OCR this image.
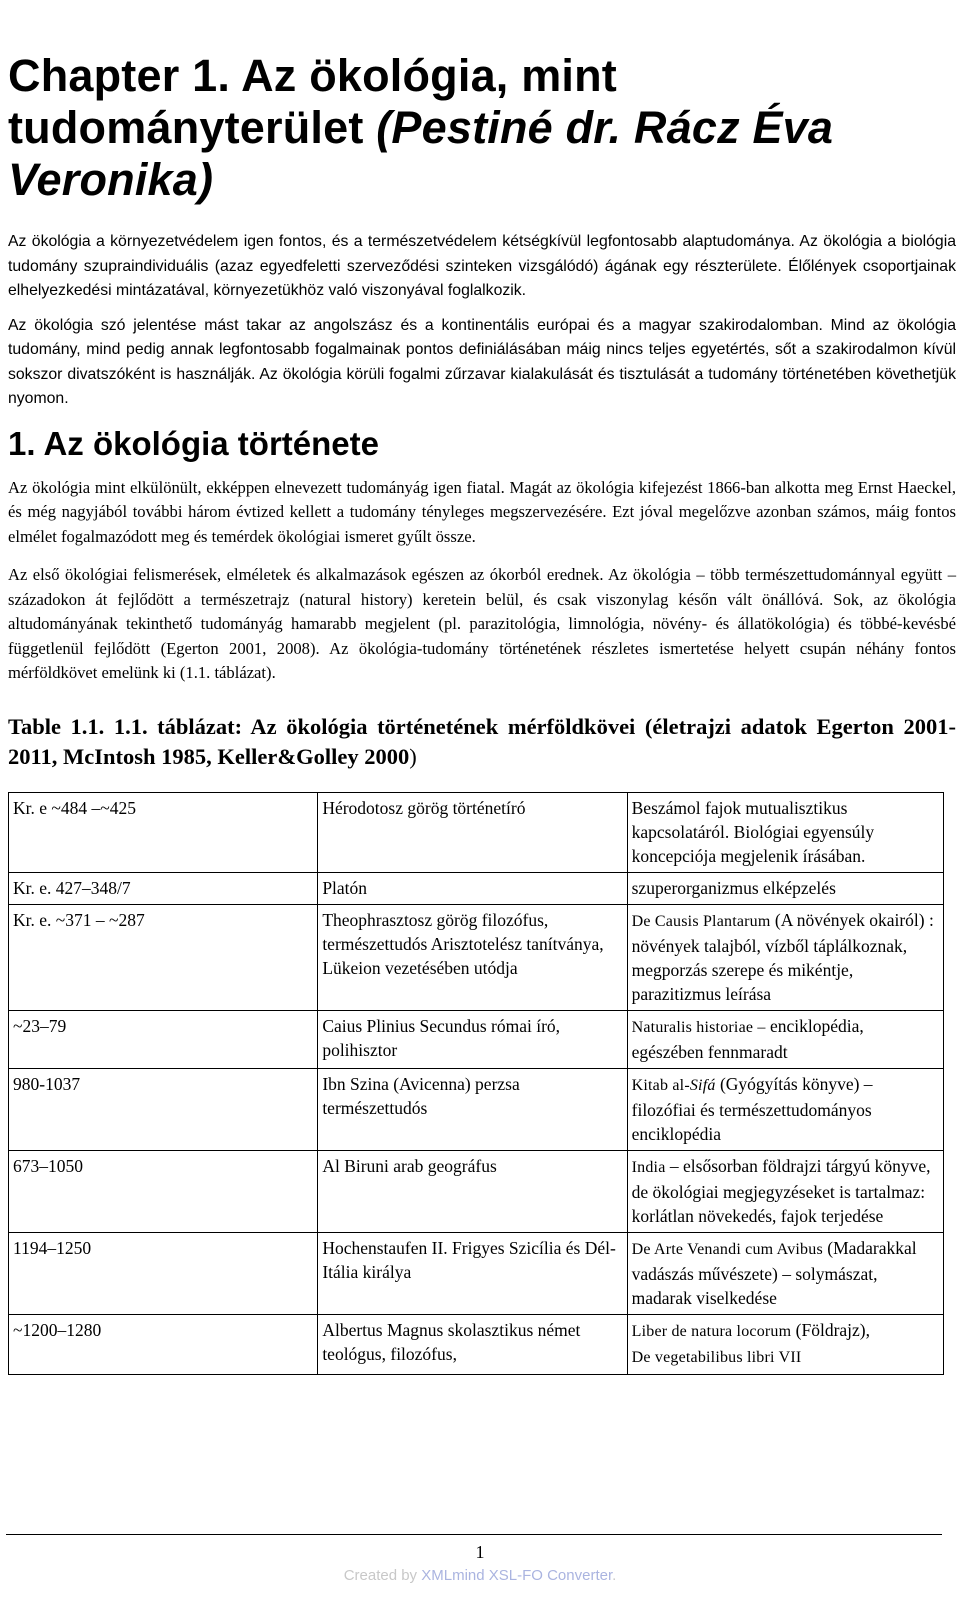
Chapter 1. Az ökológia, mint tudományterület (Pestiné dr. Rácz Éva Veronika)

Az ökológia a környezetvédelem igen fontos, és a természetvédelem kétségkívül legfontosabb alaptudománya. Az ökológia a biológia tudomány szupraindividuális (azaz egyedfeletti szerveződési szinteken vizsgálódó) ágának egy részterülete. Élőlények csoportjainak elhelyezkedési mintázatával, környezetükhöz való viszonyával foglalkozik.

Az ökológia szó jelentése mást takar az angolszász és a kontinentális európai és a magyar szakirodalomban. Mind az ökológia tudomány, mind pedig annak legfontosabb fogalmainak pontos definiálásában máig nincs teljes egyetértés, sőt a szakirodalmon kívül sokszor divatszóként is használják. Az ökológia körüli fogalmi zűrzavar kialakulását és tisztulását a tudomány történetében követhetjük nyomon.

1. Az ökológia története

Az ökológia mint elkülönült, ekképpen elnevezett tudományág igen fiatal. Magát az ökológia kifejezést 1866-ban alkotta meg Ernst Haeckel, és még nagyjából további három évtized kellett a tudomány tényleges megszervezésére. Ezt jóval megelőzve azonban számos, máig fontos elmélet fogalmazódott meg és temérdek ökológiai ismeret gyűlt össze.

Az első ökológiai felismerések, elméletek és alkalmazások egészen az ókorból erednek. Az ökológia – több természettudománnyal együtt – századokon át fejlődött a természetrajz (natural history) keretein belül, és csak viszonylag későn vált önállóvá. Sok, az ökológia altudományának tekinthető tudományág hamarabb megjelent (pl. parazitológia, limnológia, növény- és állatökológia) és többé-kevésbé függetlenül fejlődött (Egerton 2001, 2008). Az ökológia-tudomány történetének részletes ismertetése helyett csupán néhány fontos mérföldkövet emelünk ki (1.1. táblázat).

Table 1.1. 1.1. táblázat: Az ökológia történetének mérföldkövei (életrajzi adatok Egerton 2001-2011, McIntosh 1985, Keller&Golley 2000)
Kr. e ~484 –~425	Hérodotosz görög történetíró	Beszámol fajok mutualisztikus kapcsolatáról. Biológiai egyensúly koncepciója megjelenik írásában.
Kr. e. 427–348/7	Platón	szuperorganizmus elképzelés
Kr. e. ~371 – ~287	Theophrasztosz görög filozófus, természettudós Arisztotelész tanítványa, Lükeion vezetésében utódja	De Causis Plantarum (A növények okairól) : növények talajból, vízből táplálkoznak, megporzás szerepe és mikéntje, parazitizmus leírása
~23–79	Caius Plinius Secundus római író, polihisztor	Naturalis historiae – enciklopédia, egészében fennmaradt
980-1037	Ibn Szina (Avicenna) perzsa természettudós	Kitab al-Sifá (Gyógyítás könyve) – filozófiai és természettudományos enciklopédia
673–1050	Al Biruni arab geográfus	India – elsősorban földrajzi tárgyú könyve, de ökológiai megjegyzéseket is tartalmaz: korlátlan növekedés, fajok terjedése
1194–1250	Hochenstaufen II. Frigyes Szicília és Dél-Itália királya	De Arte Venandi cum Avibus (Madarakkal vadászás művészete) – solymászat, madarak viselkedése
~1200–1280	Albertus Magnus skolasztikus német teológus, filozófus,	Liber de natura locorum (Földrajz),
De vegetabilibus libri VII
1
Created by XMLmind XSL-FO Converter.
